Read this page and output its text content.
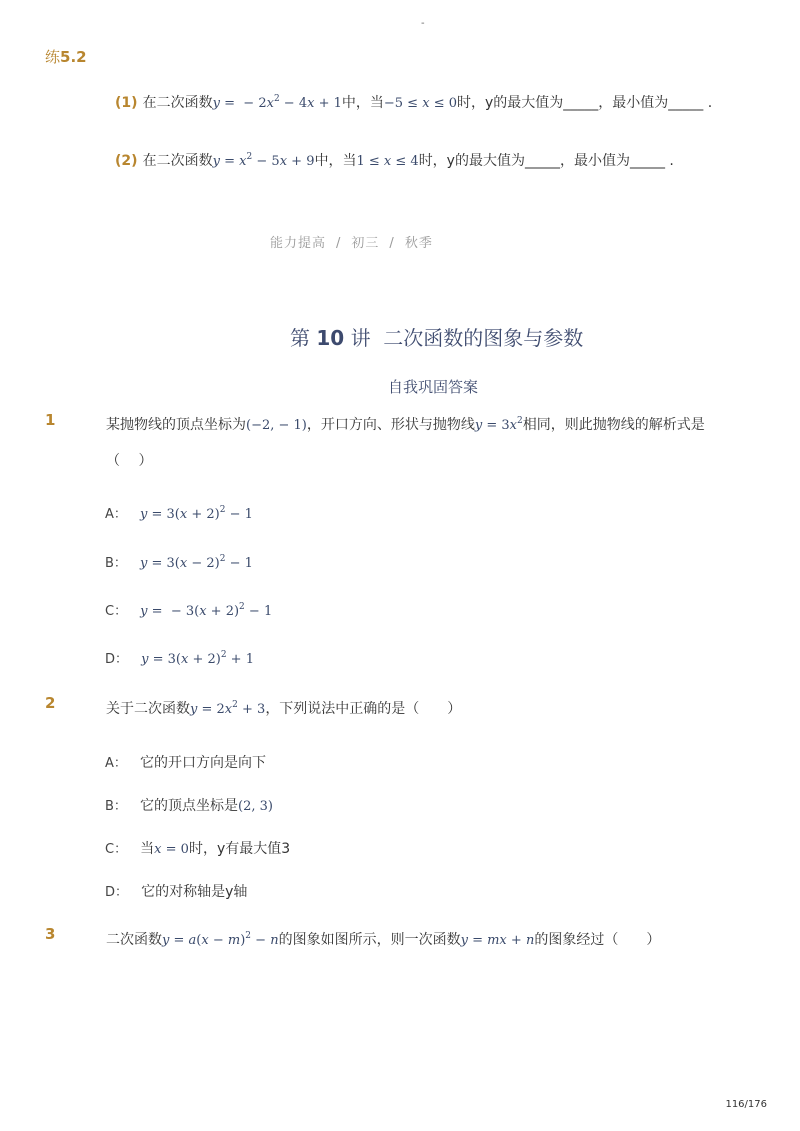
-
练5.2
(1) 在二次函数y =  − $2x^2 - 4x + 1$中，当−5 ≤ x ≤ 0时，y的最大值为_____，最小值为_____ .
(2) 在二次函数$y = x^2 - 5x + 9$中，当1 ≤ x ≤ 4时，y的最大值为_____，最小值为_____ .
能力提高 / 初三 / 秋季
第 10 讲 二次函数的图象与参数
自我巩固答案
1	某抛物线的顶点坐标为(−2, − 1)，开口方向、形状与抛物线$y = 3x^2$相同，则此抛物线的解析式是
（　 ）
A： $y = 3(x + 2)^2 - 1$
B： $y = 3(x - 2)^2 - 1$
C： y =  − $3(x + 2)^2 - 1$
D： $y = 3(x + 2)^2 + 1$
2	关于二次函数$y = 2x^2 + 3$，下列说法中正确的是（　　）
A： 它的开口方向是向下
B： 它的顶点坐标是(2, 3)
C： 当x = 0时，y有最大值3
D： 它的对称轴是y轴
3	二次函数$y = a(x - m)^2 - n$的图象如图所示，则一次函数y = mx + n的图象经过（　　）
116/176
